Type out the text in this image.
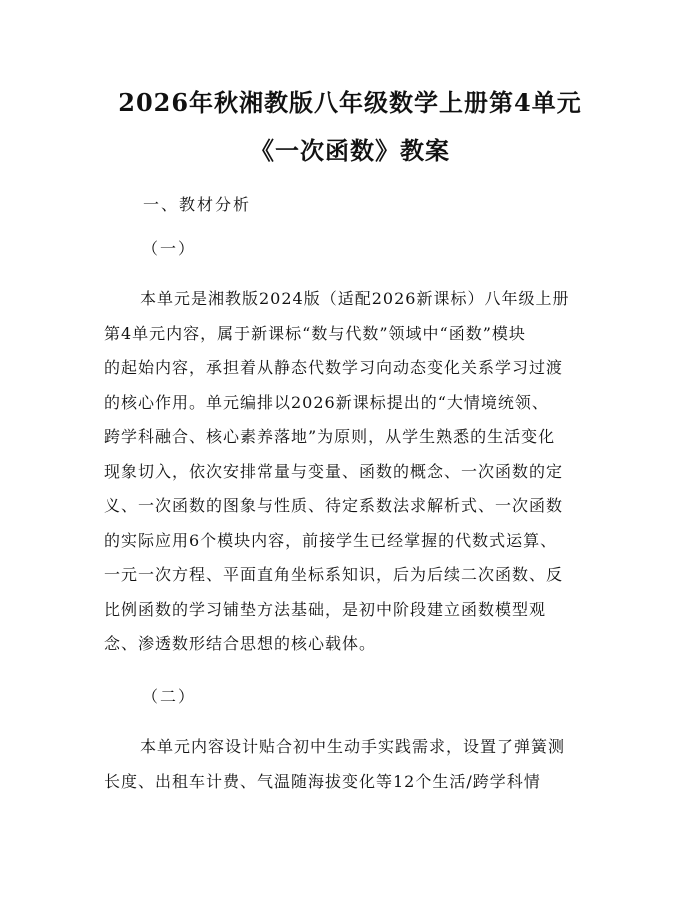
2026年秋湘教版八年级数学上册第4单元
《一次函数》教案

一、教材分析

（一）

本单元是湘教版2024版（适配2026新课标）八年级上册
第4单元内容，属于新课标“数与代数”领域中“函数”模块
的起始内容，承担着从静态代数学习向动态变化关系学习过渡
的核心作用。单元编排以2026新课标提出的“大情境统领、
跨学科融合、核心素养落地”为原则，从学生熟悉的生活变化
现象切入，依次安排常量与变量、函数的概念、一次函数的定
义、一次函数的图象与性质、待定系数法求解析式、一次函数
的实际应用6个模块内容，前接学生已经掌握的代数式运算、
一元一次方程、平面直角坐标系知识，后为后续二次函数、反
比例函数的学习铺垫方法基础，是初中阶段建立函数模型观
念、渗透数形结合思想的核心载体。

（二）

本单元内容设计贴合初中生动手实践需求，设置了弹簧测
长度、出租车计费、气温随海拔变化等12个生活/跨学科情
